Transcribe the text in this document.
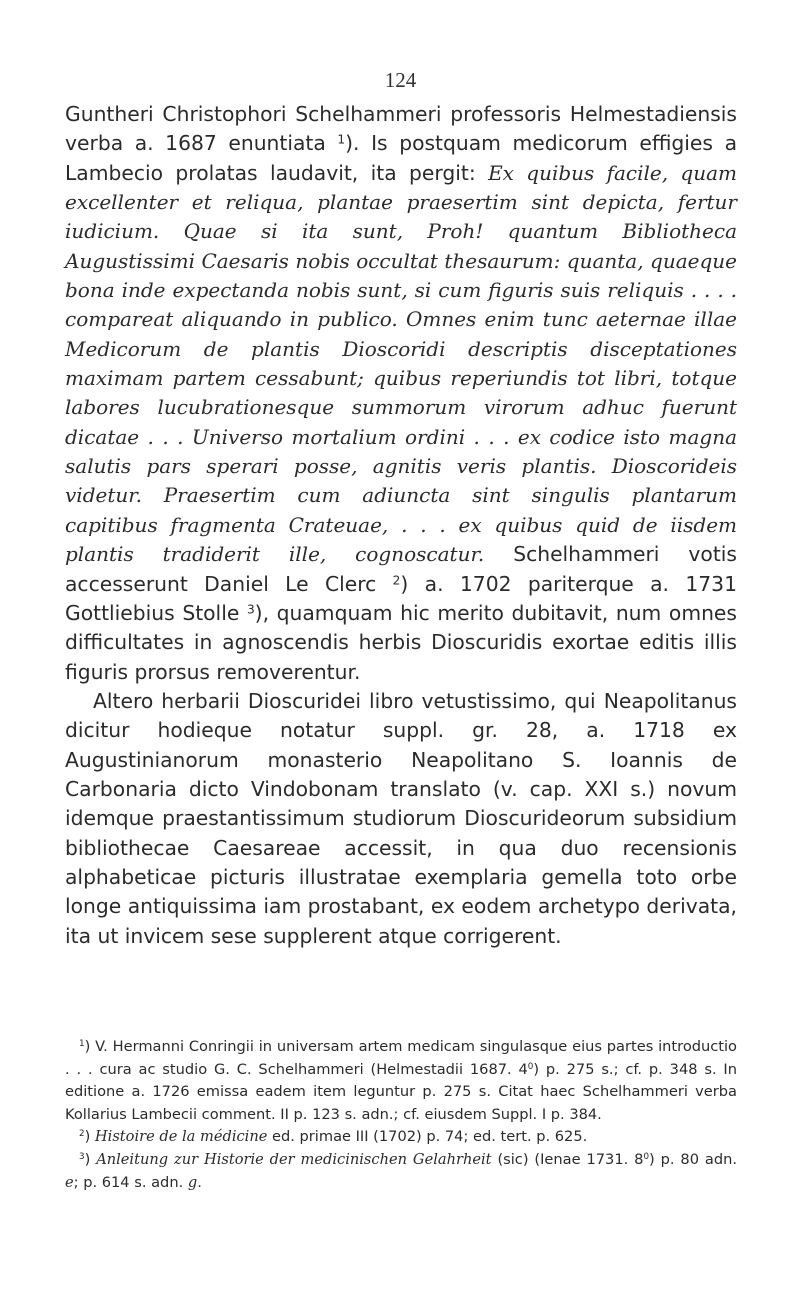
124

Guntheri Christophori Schelhammeri professoris Helmestadiensis verba a. 1687 enuntiata $^1$). Is postquam medicorum effigies a Lambecio prolatas laudavit, ita pergit: Ex quibus facile, quam excellenter et reliqua, plantae praesertim sint depicta, fertur iudicium. Quae si ita sunt, Proh! quantum Bibliotheca Augustissimi Caesaris nobis occultat thesaurum: quanta, quaeque bona inde expectanda nobis sunt, si cum figuris suis reliquis . . . . compareat aliquando in publico. Omnes enim tunc aeternae illae Medicorum de plantis Dioscoridi descriptis disceptationes maximam partem cessabunt; quibus reperiundis tot libri, totque labores lucubrationesque summorum virorum adhuc fuerunt dicatae . . . Universo mortalium ordini . . . ex codice isto magna salutis pars sperari posse, agnitis veris plantis. Dioscorideis videtur. Praesertim cum adiuncta sint singulis plantarum capitibus fragmenta Crateuae, . . . ex quibus quid de iisdem plantis tradiderit ille, cognoscatur. Schelhammeri votis accesserunt Daniel Le Clerc $^2$) a. 1702 pariterque a. 1731 Gottliebius Stolle $^3$), quamquam hic merito dubitavit, num omnes difficultates in agnoscendis herbis Dioscuridis exortae editis illis figuris prorsus removerentur.

Altero herbarii Dioscuridei libro vetustissimo, qui Neapolitanus dicitur hodieque notatur suppl. gr. 28, a. 1718 ex Augustinianorum monasterio Neapolitano S. Ioannis de Carbonaria dicto Vindobonam translato (v. cap. XXI s.) novum idemque praestantissimum studiorum Dioscurideorum subsidium bibliothecae Caesareae accessit, in qua duo recensionis alphabeticae picturis illustratae exemplaria gemella toto orbe longe antiquissima iam prostabant, ex eodem archetypo derivata, ita ut invicem sese supplerent atque corrigerent.

$^1$) V. Hermanni Conringii in universam artem medicam singulasque eius partes introductio . . . cura ac studio G. C. Schelhammeri (Helmestadii 1687. $4^0$) p. 275 s.; cf. p. 348 s. In editione a. 1726 emissa eadem item leguntur p. 275 s. Citat haec Schelhammeri verba Kollarius Lambecii comment. II p. 123 s. adn.; cf. eiusdem Suppl. I p. 384.

$^2$) Histoire de la médicine ed. primae III (1702) p. 74; ed. tert. p. 625.

$^3$) Anleitung zur Historie der medicinischen Gelahrheit (sic) (Ienae 1731. $8^0$) p. 80 adn. e; p. 614 s. adn. g.
